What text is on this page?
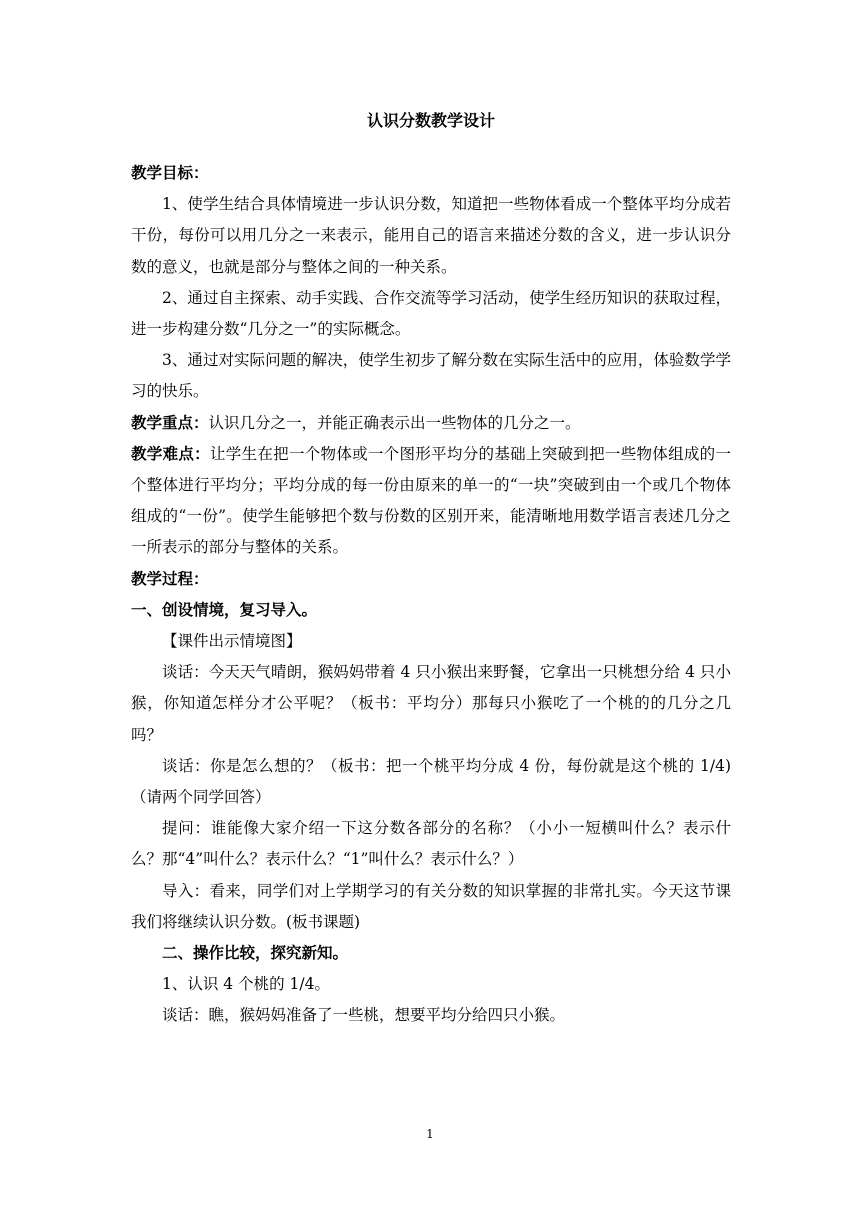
认识分数教学设计

教学目标：

1、使学生结合具体情境进一步认识分数，知道把一些物体看成一个整体平均分成若干份，每份可以用几分之一来表示，能用自己的语言来描述分数的含义，进一步认识分数的意义，也就是部分与整体之间的一种关系。

2、通过自主探索、动手实践、合作交流等学习活动，使学生经历知识的获取过程，进一步构建分数“几分之一”的实际概念。

3、通过对实际问题的解决，使学生初步了解分数在实际生活中的应用，体验数学学习的快乐。

教学重点：认识几分之一，并能正确表示出一些物体的几分之一。

教学难点：让学生在把一个物体或一个图形平均分的基础上突破到把一些物体组成的一个整体进行平均分；平均分成的每一份由原来的单一的“一块”突破到由一个或几个物体组成的“一份”。使学生能够把个数与份数的区别开来，能清晰地用数学语言表述几分之一所表示的部分与整体的关系。

教学过程：

一、创设情境，复习导入。

【课件出示情境图】

谈话：今天天气晴朗，猴妈妈带着 4 只小猴出来野餐，它拿出一只桃想分给 4 只小猴，你知道怎样分才公平呢？（板书：平均分）那每只小猴吃了一个桃的的几分之几吗？

谈话：你是怎么想的？（板书：把一个桃平均分成 4 份，每份就是这个桃的 1/4)（请两个同学回答）

提问：谁能像大家介绍一下这分数各部分的名称？（小小一短横叫什么？表示什么？那“4”叫什么？表示什么？“1”叫什么？表示什么？）

导入：看来，同学们对上学期学习的有关分数的知识掌握的非常扎实。今天这节课我们将继续认识分数。(板书课题)

二、操作比较，探究新知。

1、认识 4 个桃的 1/4。

谈话：瞧，猴妈妈准备了一些桃，想要平均分给四只小猴。

1
